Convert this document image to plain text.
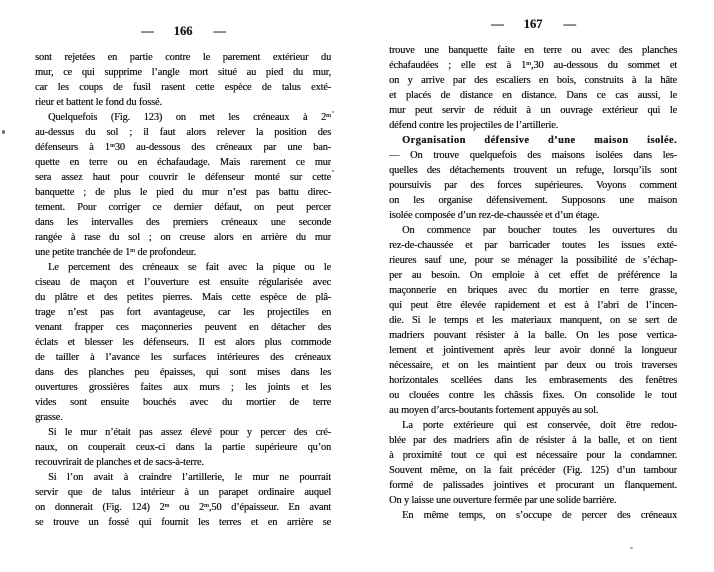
— 166 —
sont rejetées en partie contre le parement extérieur du
mur, ce qui supprime l’angle mort situé au pied du mur,
car les coups de fusil rasent cette espèce de talus exté-
rieur et battent le fond du fossé.
Quelquefois (Fig. 123) on met les créneaux à 2ᵐ
au-dessus du sol ; il faut alors relever la position des
défenseurs à 1ᵐ30 au-dessous des créneaux par une ban-
quette en terre ou en échafaudage. Mais rarement ce mur
sera assez haut pour couvrir le défenseur monté sur cette
banquette ; de plus le pied du mur n’est pas battu direc-
tement. Pour corriger ce dernier défaut, on peut percer
dans les intervalles des premiers créneaux une seconde
rangée à rase du sol ; on creuse alors en arrière du mur
une petite tranchée de 1ᵐ de profondeur.
Le percement des créneaux se fait avec la pique ou le
ciseau de maçon et l’ouverture est ensuite régularisée avec
du plâtre et des petites pierres. Mais cette espèce de plâ-
trage n’est pas fort avantageuse, car les projectiles en
venant frapper ces maçonneries peuvent en détacher des
éclats et blesser les défenseurs. Il est alors plus commode
de tailler à l’avance les surfaces intérieures des créneaux
dans des planches peu épaisses, qui sont mises dans les
ouvertures grossières faites aux murs ; les joints et les
vides sont ensuite bouchés avec du mortier de terre
grasse.
Si le mur n’était pas assez élevé pour y percer des cré-
naux, on couperait ceux-ci dans la partie supérieure qu’on
recouvrirait de planches et de sacs-à-terre.
Si l’on avait à craindre l’artillerie, le mur ne pourrait
servir que de talus intérieur à un parapet ordinaire auquel
on donnerait (Fig. 124) 2ᵐ ou 2ᵐ,50 d’épaisseur. En avant
se trouve un fossé qui fournit les terres et en arrière se
— 167 —
trouve une banquette faite en terre ou avec des planches
échafaudées ; elle est à 1ᵐ,30 au-dessous du sommet et
on y arrive par des escaliers en bois, construits à la hâte
et placés de distance en distance. Dans ce cas aussi, le
mur peut servir de réduit à un ouvrage extérieur qui le
défend contre les projectiles de l’artillerie.
Organisation défensive d’une maison isolée.
— On trouve quelquefois des maisons isolées dans les-
quelles des détachements trouvent un refuge, lorsqu’ils sont
poursuivis par des forces supérieures. Voyons comment
on les organise défensivement. Supposons une maison
isolée composée d’un rez-de-chaussée et d’un étage.
On commence par boucher toutes les ouvertures du
rez-de-chaussée et par barricader toutes les issues exté-
rieures sauf une, pour se ménager la possibilité de s’échap-
per au besoin. On emploie à cet effet de préférence la
maçonnerie en briques avec du mortier en terre grasse,
qui peut être élevée rapidement et est à l’abri de l’incen-
die. Si le temps et les materiaux manquent, on se sert de
madriers pouvant résister à la balle. On les pose vertica-
lement et jointivement après leur avoir donné la longueur
nécessaire, et on les maintient par deux ou trois traverses
horizontales scellées dans les embrasements des fenêtres
ou clouées contre les châssis fixes. On consolide le tout
au moyen d’arcs-boutants fortement appuyés au sol.
La porte extérieure qui est conservée, doit être redou-
blée par des madriers afin de résister à la balle, et on tient
à proximité tout ce qui est nécessaire pour la condamner.
Souvent même, on la fait précéder (Fig. 125) d’un tambour
formé de palissades jointives et procurant un flanquement.
On y laisse une ouverture fermée par une solide barrière.
En même temps, on s’occupe de percer des créneaux
